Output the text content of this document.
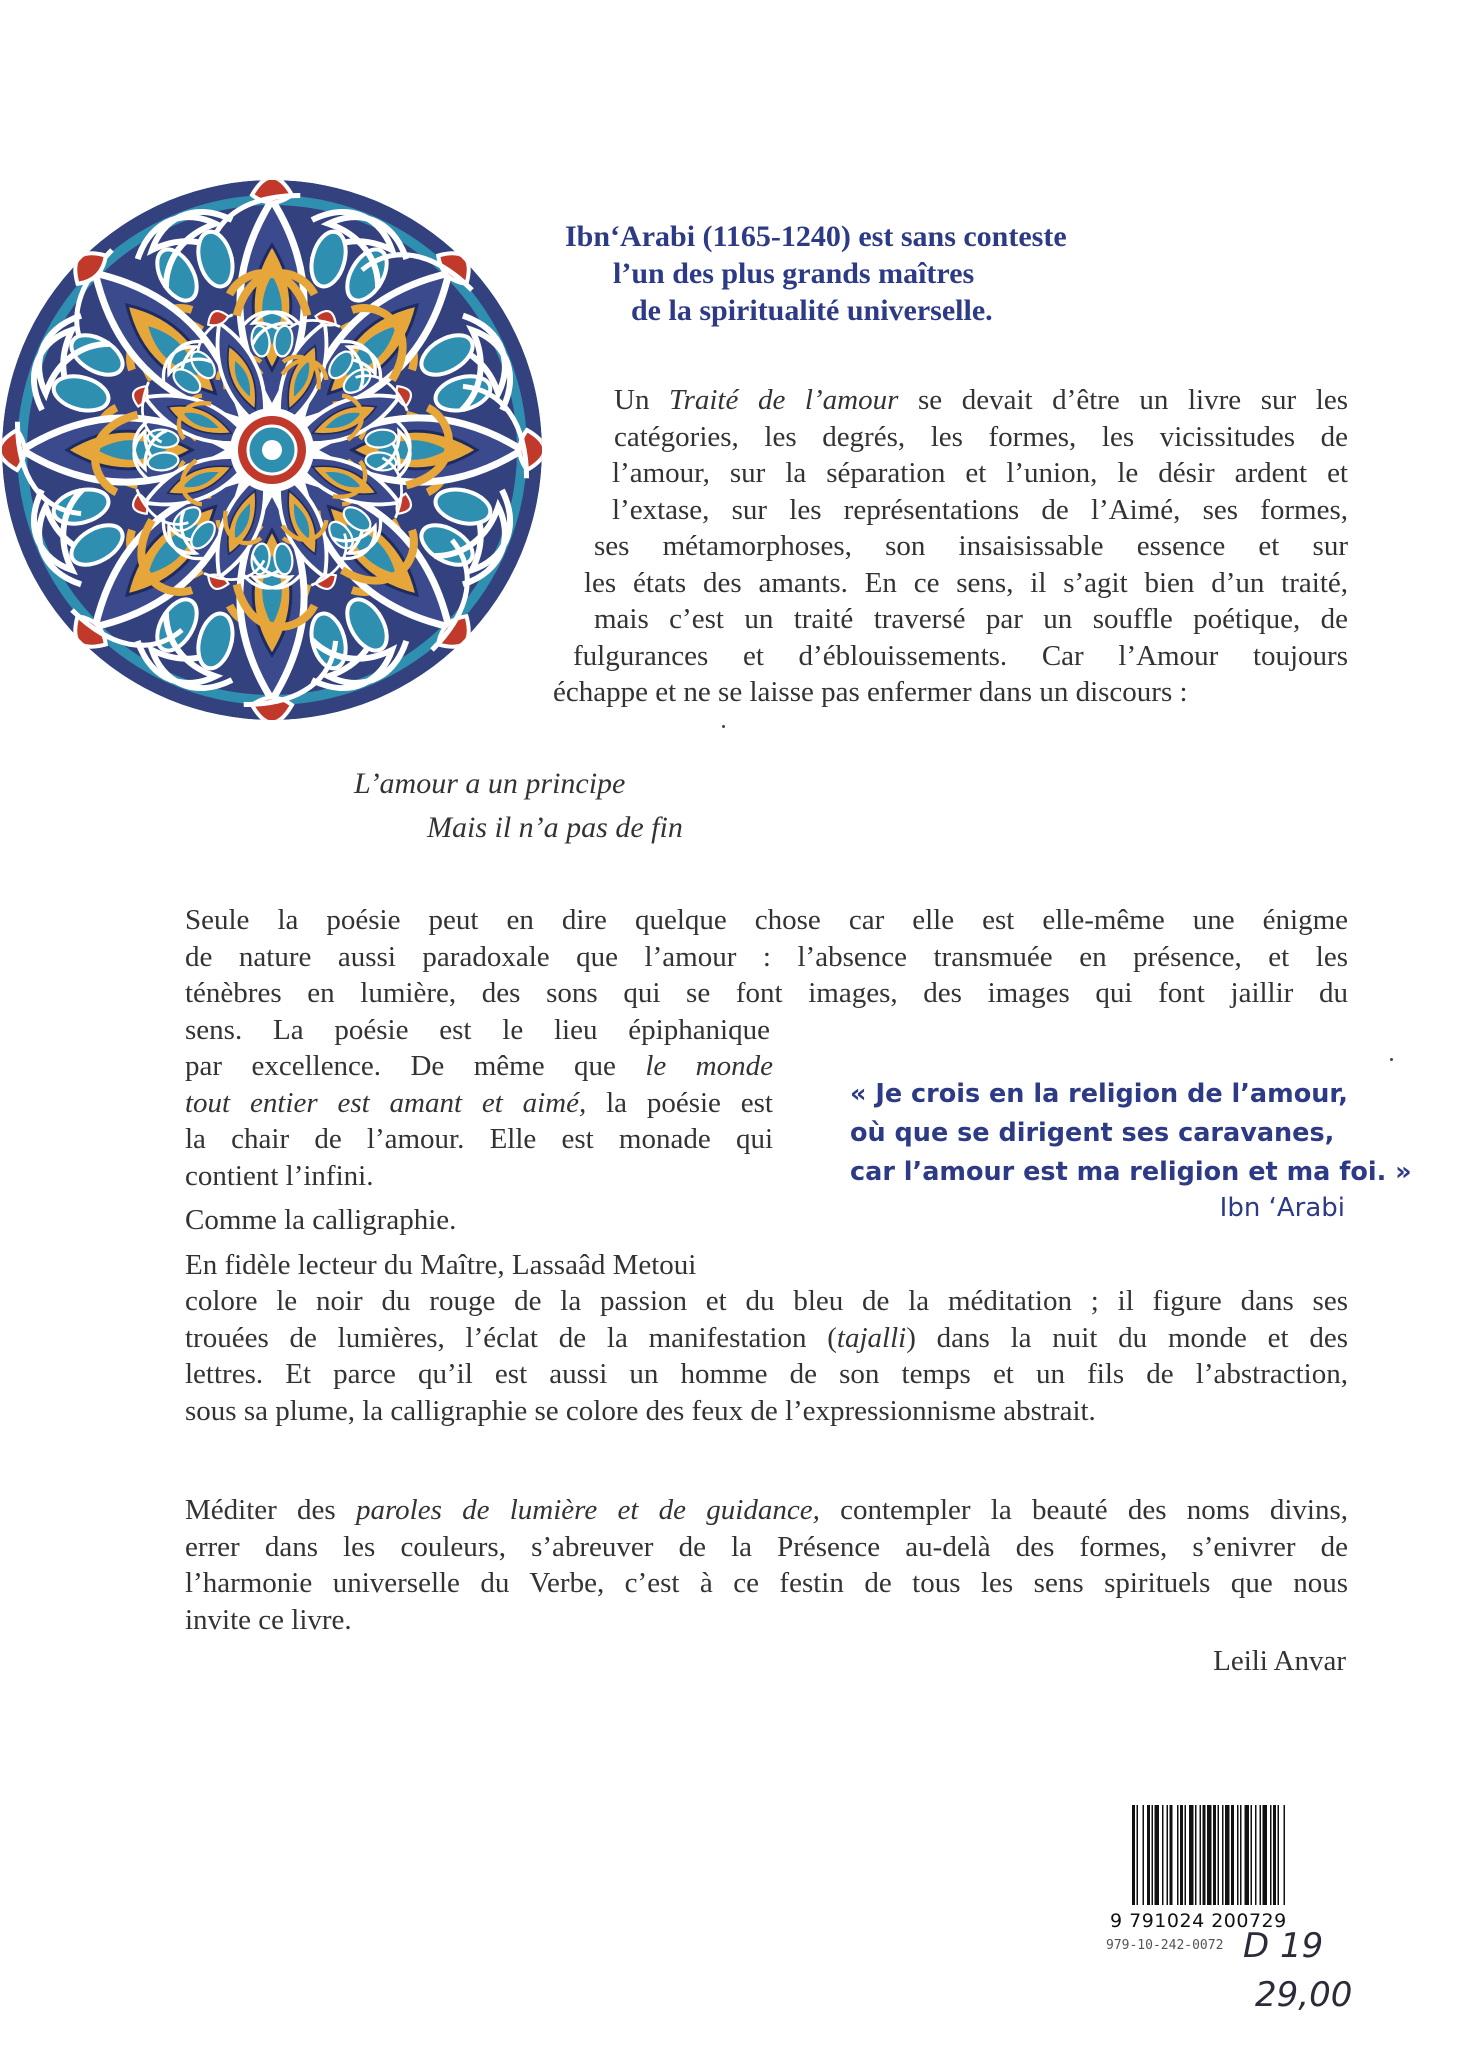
Ibn‘Arabi (1165-1240) est sans conteste
l’un des plus grands maîtres
de la spiritualité universelle.
Un Traité de l’amour se devait d’être un livre sur les
catégories, les degrés, les formes, les vicissitudes de
l’amour, sur la séparation et l’union, le désir ardent et
l’extase, sur les représentations de l’Aimé, ses formes,
ses métamorphoses, son insaisissable essence et sur
les états des amants. En ce sens, il s’agit bien d’un traité,
mais c’est un traité traversé par un souffle poétique, de
fulgurances et d’éblouissements. Car l’Amour toujours
échappe et ne se laisse pas enfermer dans un discours :
L’amour a un principe
Mais il n’a pas de fin
Seule la poésie peut en dire quelque chose car elle est elle-même une énigme
de nature aussi paradoxale que l’amour : l’absence transmuée en présence, et les
ténèbres en lumière, des sons qui se font images, des images qui font jaillir du
sens. La poésie est le lieu épiphanique
par excellence. De même que le monde
tout entier est amant et aimé, la poésie est
la chair de l’amour. Elle est monade qui
contient l’infini.
Comme la calligraphie.
En fidèle lecteur du Maître, Lassaâd Metoui
colore le noir du rouge de la passion et du bleu de la méditation ; il figure dans ses
trouées de lumières, l’éclat de la manifestation (tajalli) dans la nuit du monde et des
lettres. Et parce qu’il est aussi un homme de son temps et un fils de l’abstraction,
sous sa plume, la calligraphie se colore des feux de l’expressionnisme abstrait.
« Je crois en la religion de l’amour,
où que se dirigent ses caravanes,
car l’amour est ma religion et ma foi. »
Ibn ‘Arabi
Méditer des paroles de lumière et de guidance, contempler la beauté des noms divins,
errer dans les couleurs, s’abreuver de la Présence au-delà des formes, s’enivrer de
l’harmonie universelle du Verbe, c’est à ce festin de tous les sens spirituels que nous
invite ce livre.
Leili Anvar
9 791024 200729
979-10-242-0072 D 19
29,00
